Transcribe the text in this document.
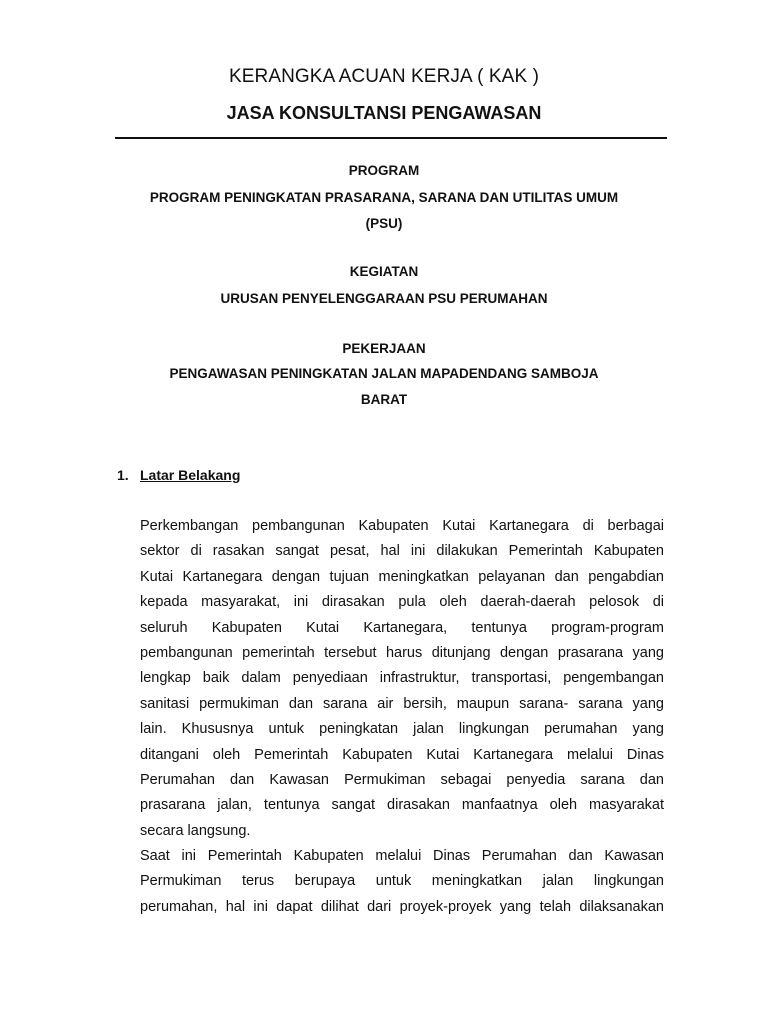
KERANGKA ACUAN KERJA ( KAK )
JASA KONSULTANSI PENGAWASAN
PROGRAM
PROGRAM PENINGKATAN PRASARANA, SARANA DAN UTILITAS UMUM
(PSU)
KEGIATAN
URUSAN PENYELENGGARAAN PSU PERUMAHAN
PEKERJAAN
PENGAWASAN PENINGKATAN JALAN MAPADENDANG SAMBOJA
BARAT
1. Latar Belakang
Perkembangan pembangunan Kabupaten Kutai Kartanegara di berbagai
sektor di rasakan sangat pesat, hal ini dilakukan Pemerintah Kabupaten
Kutai Kartanegara dengan tujuan meningkatkan pelayanan dan pengabdian
kepada masyarakat, ini dirasakan pula oleh daerah-daerah pelosok di
seluruh Kabupaten Kutai Kartanegara, tentunya program-program
pembangunan pemerintah tersebut harus ditunjang dengan prasarana yang
lengkap baik dalam penyediaan infrastruktur, transportasi, pengembangan
sanitasi permukiman dan sarana air bersih, maupun sarana- sarana yang
lain. Khususnya untuk peningkatan jalan lingkungan perumahan yang
ditangani oleh Pemerintah Kabupaten Kutai Kartanegara melalui Dinas
Perumahan dan Kawasan Permukiman sebagai penyedia sarana dan
prasarana jalan, tentunya sangat dirasakan manfaatnya oleh masyarakat
secara langsung.
Saat ini Pemerintah Kabupaten melalui Dinas Perumahan dan Kawasan
Permukiman terus berupaya untuk meningkatkan jalan lingkungan
perumahan, hal ini dapat dilihat dari proyek-proyek yang telah dilaksanakan
